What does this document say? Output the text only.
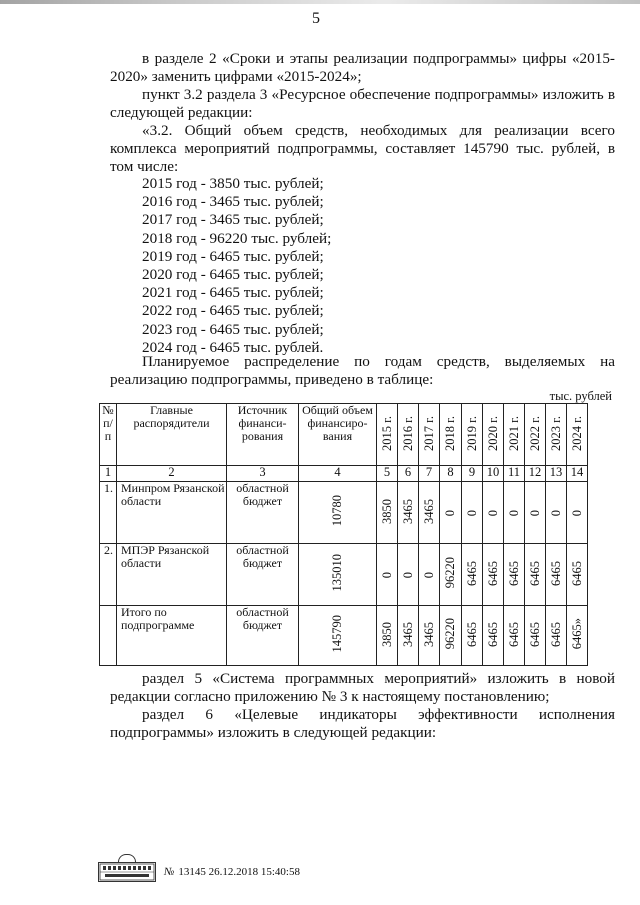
5

в разделе 2 «Сроки и этапы реализации подпрограммы» цифры «2015-

2020» заменить цифрами «2015-2024»;

пункт 3.2 раздела 3 «Ресурсное обеспечение подпрограммы» изложить в

следующей редакции:

«3.2. Общий объем средств, необходимых для реализации всего

комплекса мероприятий подпрограммы, составляет 145790 тыс. рублей, в

том числе:

2015 год - 3850 тыс. рублей;
2016 год - 3465 тыс. рублей;
2017 год - 3465 тыс. рублей;
2018 год - 96220 тыс. рублей;
2019 год - 6465 тыс. рублей;
2020 год - 6465 тыс. рублей;
2021 год - 6465 тыс. рублей;
2022 год - 6465 тыс. рублей;
2023 год - 6465 тыс. рублей;
2024 год - 6465 тыс. рублей.

Планируемое распределение по годам средств, выделяемых на

реализацию подпрограммы, приведено в таблице:

тыс. рублей
№ п/п	Главные распорядители	Источник финанси-рования	Общий объем финансиро-вания	2015 г.	2016 г.	2017 г.	2018 г.	2019 г.	2020 г.	2021 г.	2022 г.	2023 г.	2024 г.
1	2	3	4	5	6	7	8	9	10	11	12	13	14
1.	Минпром Рязанской области	областной бюджет	10780	3850	3465	3465	0	0	0	0	0	0	0
2.	МПЭР Рязанской области	областной бюджет	135010	0	0	0	96220	6465	6465	6465	6465	6465	6465
	Итого по подпрограмме	областной бюджет	145790	3850	3465	3465	96220	6465	6465	6465	6465	6465	6465»

раздел 5 «Система программных мероприятий» изложить в новой

редакции согласно приложению № 3 к настоящему постановлению;

раздел 6 «Целевые индикаторы эффективности исполнения

подпрограммы» изложить в следующей редакции:

№ 13145 26.12.2018 15:40:58
